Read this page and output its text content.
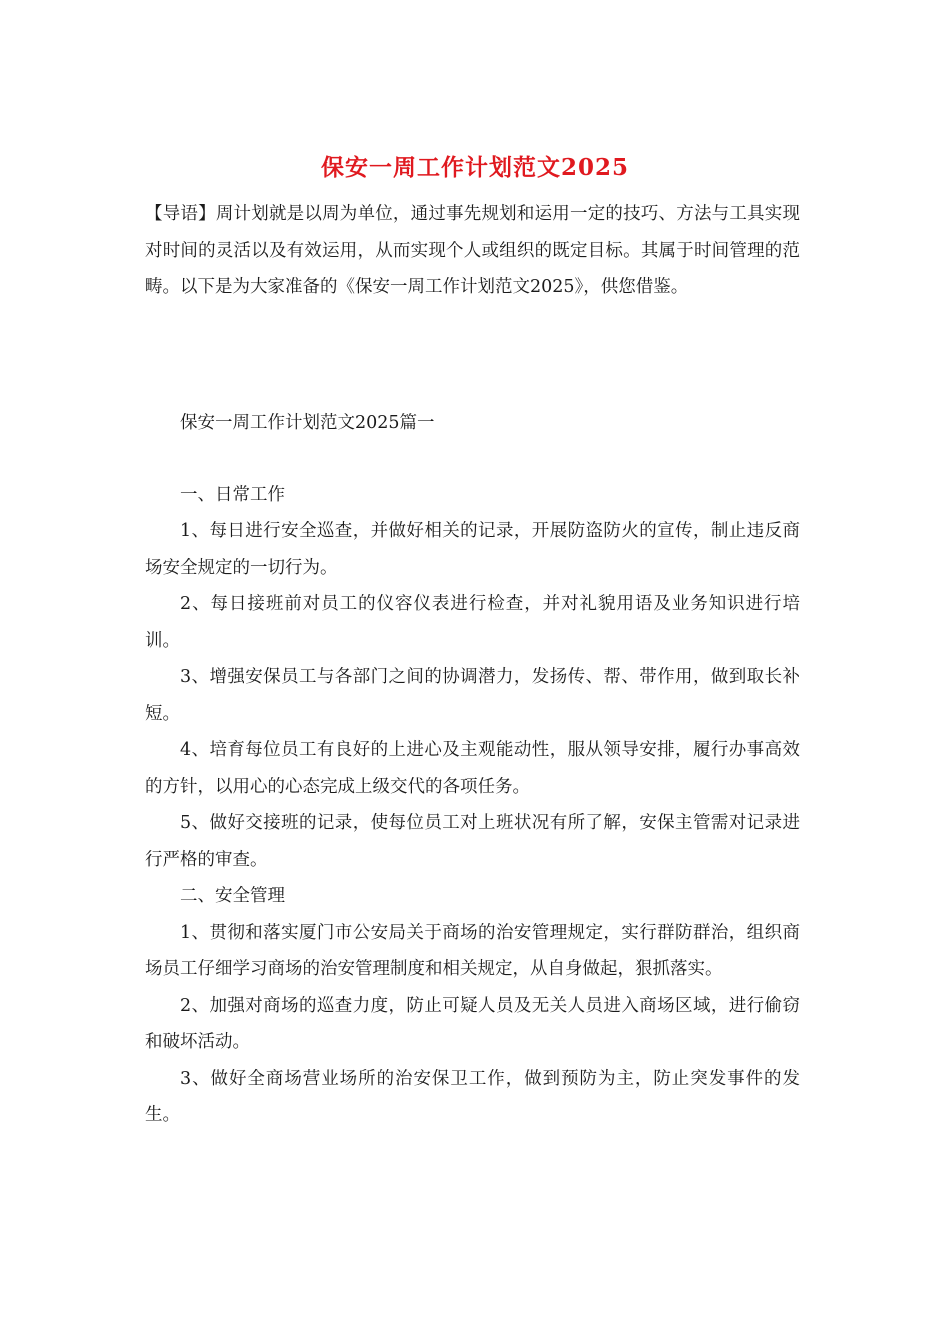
保安一周工作计划范文2025

【导语】周计划就是以周为单位，通过事先规划和运用一定的技巧、方法与工具实现对时间的灵活以及有效运用，从而实现个人或组织的既定目标。其属于时间管理的范畴。以下是为大家准备的《保安一周工作计划范文2025》，供您借鉴。

保安一周工作计划范文2025篇一

一、日常工作

1、每日进行安全巡查，并做好相关的记录，开展防盗防火的宣传，制止违反商场安全规定的一切行为。

2、每日接班前对员工的仪容仪表进行检查，并对礼貌用语及业务知识进行培训。

3、增强安保员工与各部门之间的协调潜力，发扬传、帮、带作用，做到取长补短。

4、培育每位员工有良好的上进心及主观能动性，服从领导安排，履行办事高效的方针，以用心的心态完成上级交代的各项任务。

5、做好交接班的记录，使每位员工对上班状况有所了解，安保主管需对记录进行严格的审查。

二、安全管理

1、贯彻和落实厦门市公安局关于商场的治安管理规定，实行群防群治，组织商场员工仔细学习商场的治安管理制度和相关规定，从自身做起，狠抓落实。

2、加强对商场的巡查力度，防止可疑人员及无关人员进入商场区域，进行偷窃和破坏活动。

3、做好全商场营业场所的治安保卫工作，做到预防为主，防止突发事件的发生。
